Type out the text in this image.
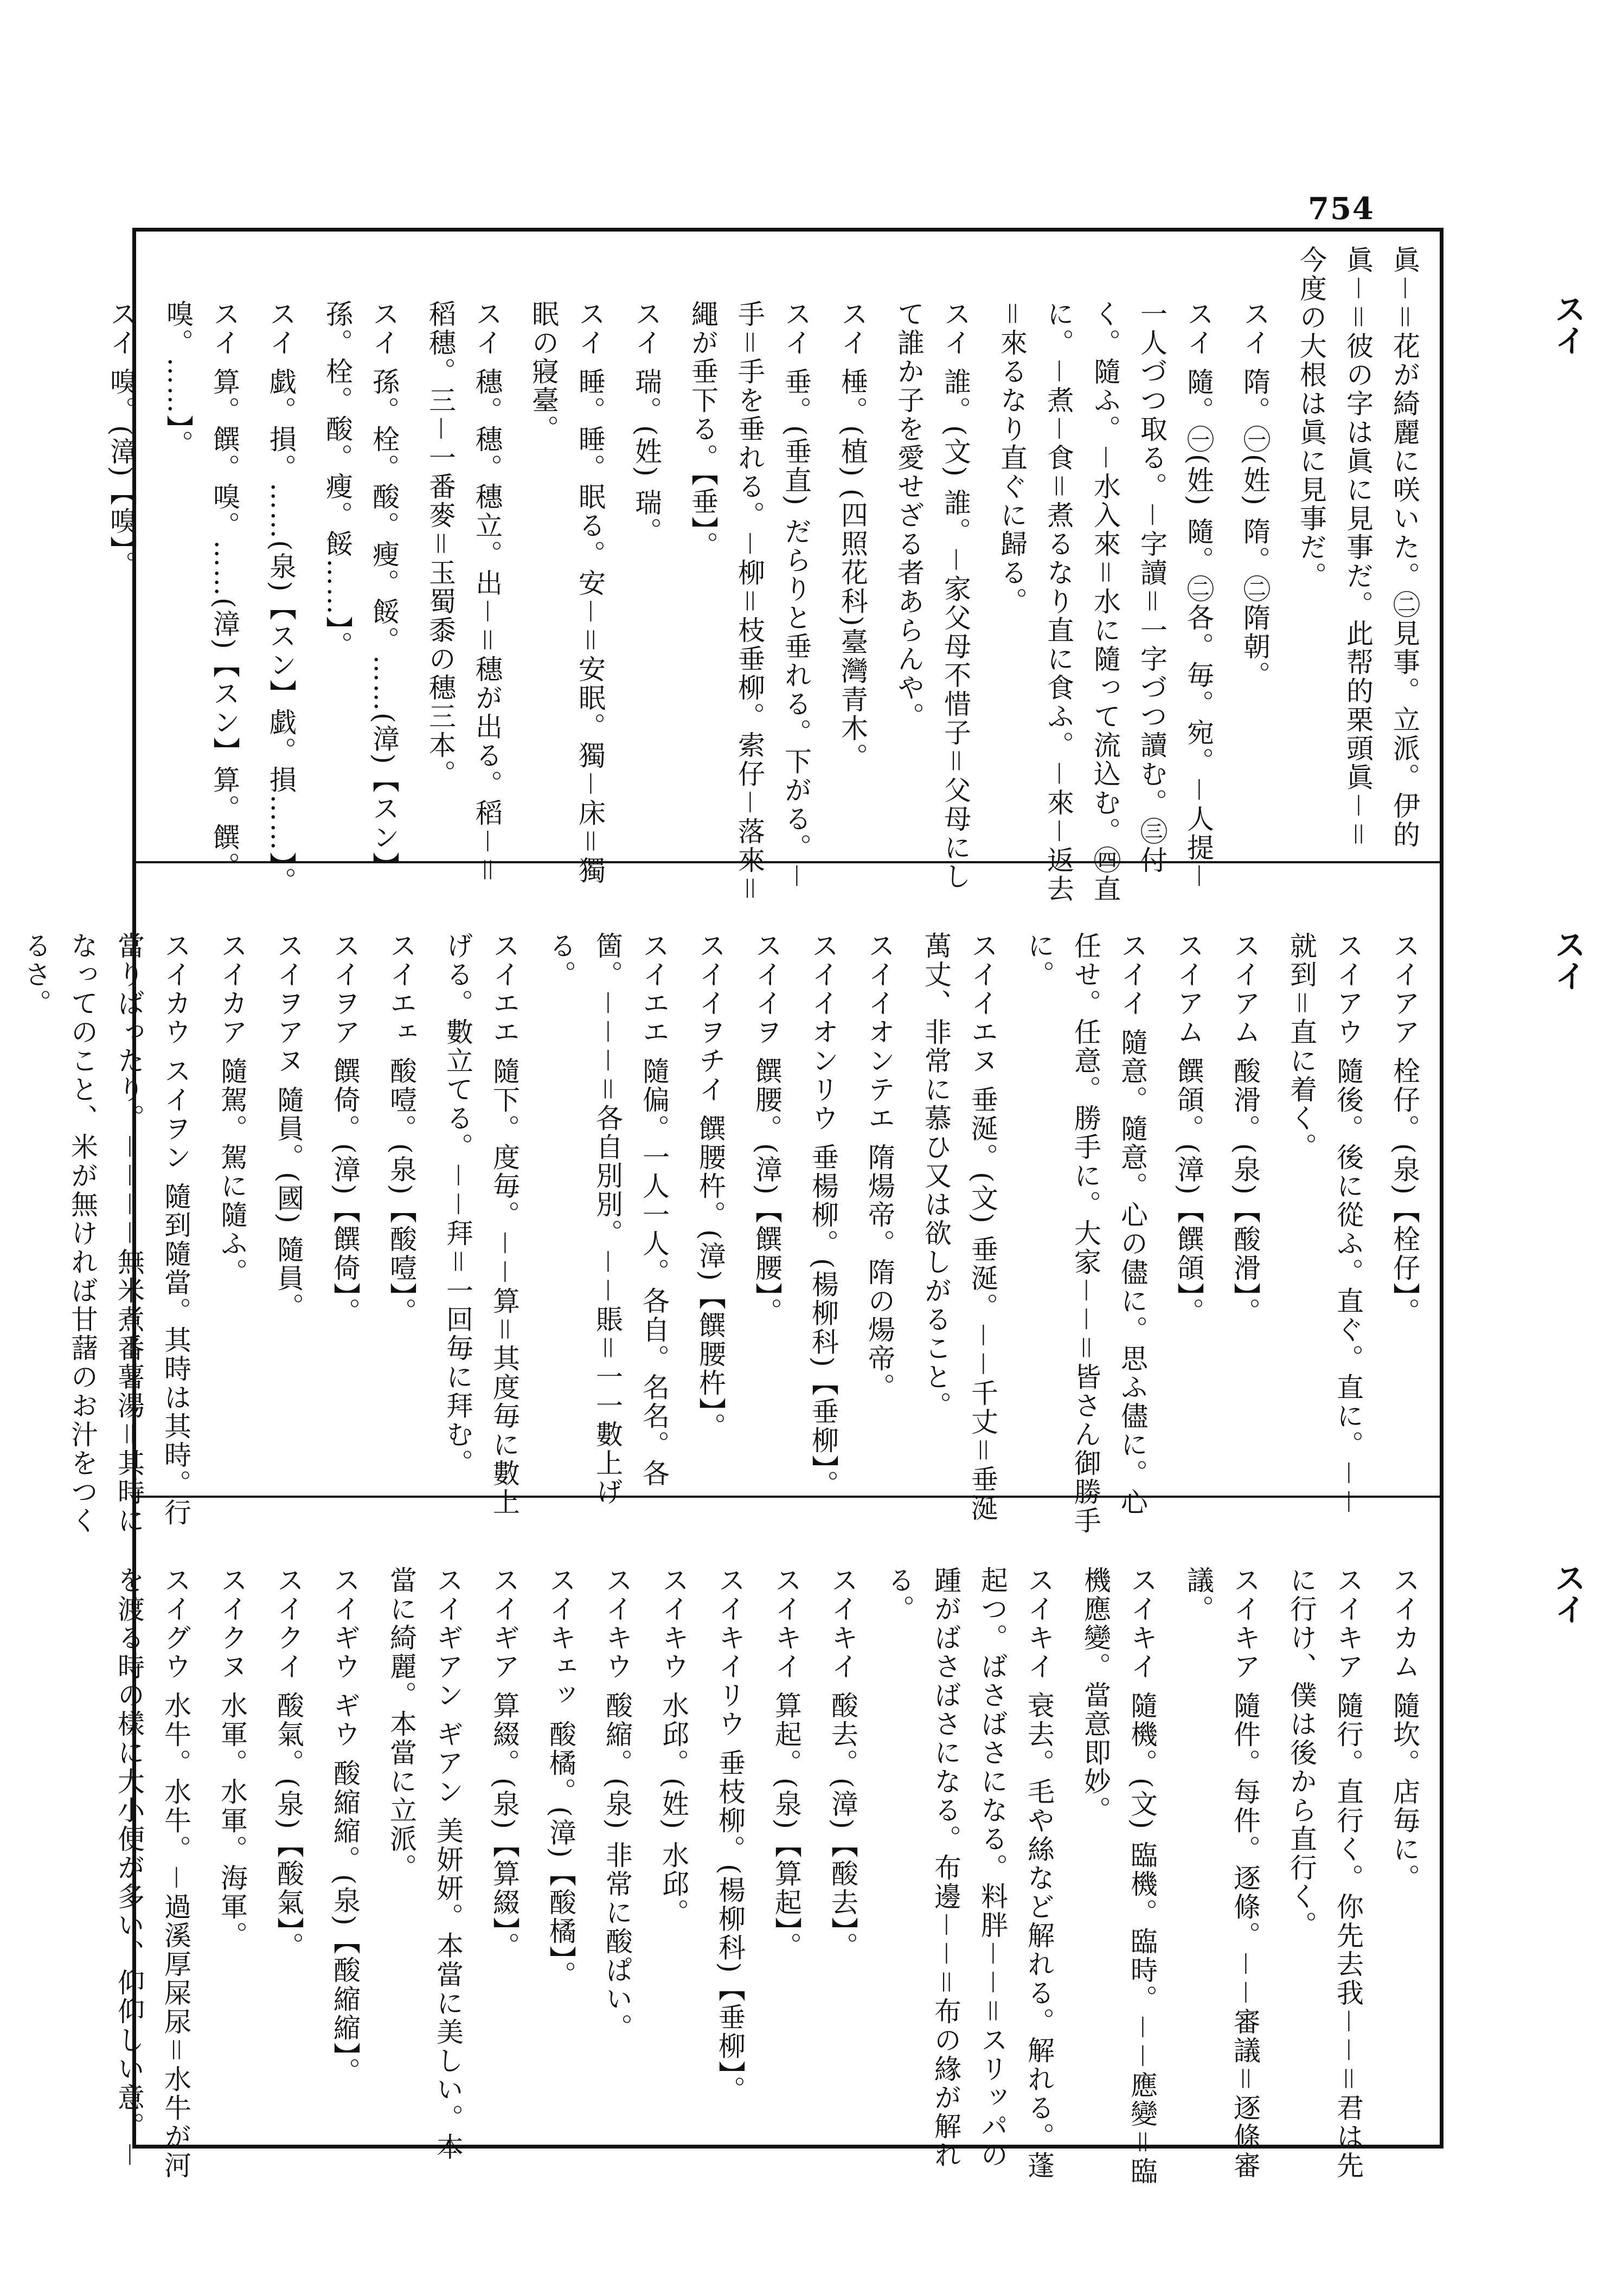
754
スイ
スイ
スイ
眞－＝花が綺麗に咲いた。㊁見事。立派。伊的眞－＝彼の字は眞に見事だ。此帮的栗頭眞－＝今度の大根は眞に見事だ。
スイ 隋。㊀(姓) 隋。㊁隋朝。
スイ 隨。㊀(姓) 隨。㊁各。毎。宛。－人提－一人づつ取る。－字讀＝一字づつ讀む。㊂付く。隨ふ。－水入來＝水に隨って流込む。㊃直に。－煮－食＝煮るなり直に食ふ。－來－返去＝來るなり直ぐに歸る。
スイ 誰。(文) 誰。－家父母不惜子＝父母にして誰か子を愛せざる者あらんや。
スイ 棰。(植) (四照花科)臺灣青木。
スイ 垂。(垂直) だらりと垂れる。下がる。－手＝手を垂れる。－柳＝枝垂柳。索仔－落來＝繩が垂下る。【垂】。
スイ 瑞。(姓) 瑞。
スイ 睡。睡。眠る。安－＝安眠。獨－床＝獨眠の寢臺。
スイ 穗。穗。穗立。出－＝穗が出る。稻－＝稻穗。三－一番麥＝玉蜀黍の穗三本。
スイ 孫。栓。酸。瘦。餒。……(漳)【スン】孫。栓。酸。瘦。餒……】。
スイ 戯。損。……(泉)【スン】戯。損……】。
スイ 算。饌。嗅。……(漳)【スン】算。饌。嗅。……】。
スイ 嗅。(漳)【嗅】。
スイアア 栓仔。(泉)【栓仔】。
スイアウ 隨後。後に從ふ。直ぐ。直に。－－就到＝直に着く。
スイアム 酸滑。(泉)【酸滑】。
スイアム 饌頜。(漳)【饌頜】。
スイイ 隨意。隨意。心の儘に。思ふ儘に。心任せ。任意。勝手に。大家－－＝皆さん御勝手に。
スイイエヌ 垂涎。(文) 垂涎。－－千丈＝垂涎萬丈、非常に慕ひ又は欲しがること。
スイイオンテエ 隋煬帝。隋の煬帝。
スイイオンリウ 垂楊柳。(楊柳科)【垂柳】。
スイイヲ 饌腰。(漳)【饌腰】。
スイイヲチイ 饌腰杵。(漳)【饌腰杵】。
スイエエ 隨偏。一人一人。各自。名名。各箇。－－－＝各自別別。－－賬＝一一數上げる。
スイエエ 隨下。度毎。－－算＝其度毎に數上げる。數立てる。－－拜＝一回毎に拜む。
スイエェ 酸噎。(泉)【酸噎】。
スイヲア 饌倚。(漳)【饌倚】。
スイヲアヌ 隨員。(國) 隨員。
スイカア 隨駕。駕に隨ふ。
スイカウ スイヲン 隨到隨當。其時は其時。行當りばったり。－－－－無米煮番薯湯＝其時になってのこと、米が無ければ甘藷のお汁をつくるさ。
スイカム 隨坎。店毎に。
スイキア 隨行。直行く。你先去我－－＝君は先に行け、僕は後から直行く。
スイキア 隨件。每件。逐條。－－審議＝逐條審議。
スイキイ 隨機。(文) 臨機。臨時。－－應變＝臨機應變。當意即妙。
スイキイ 衰去。毛や絲など解れる。解れる。蓬起つ。ばさばさになる。料胖－－＝スリッパの踵がばさばさになる。布邊－－＝布の緣が解れる。
スイキイ 酸去。(漳)【酸去】。
スイキイ 算起。(泉)【算起】。
スイキイリウ 垂枝柳。(楊柳科)【垂柳】。
スイキウ 水邱。(姓) 水邱。
スイキウ 酸縮。(泉) 非常に酸ぱい。
スイキェッ 酸橘。(漳)【酸橘】。
スイギア 算綴。(泉)【算綴】。
スイギアン ギアン 美妍妍。本當に美しい。本當に綺麗。本當に立派。
スイギウ ギウ 酸縮縮。(泉)【酸縮縮】。
スイクイ 酸氣。(泉)【酸氣】。
スイクヌ 水軍。水軍。海軍。
スイグウ 水牛。水牛。－過溪厚屎尿＝水牛が河を渡る時の樣に大小便が多い、仰仰しい意。－
